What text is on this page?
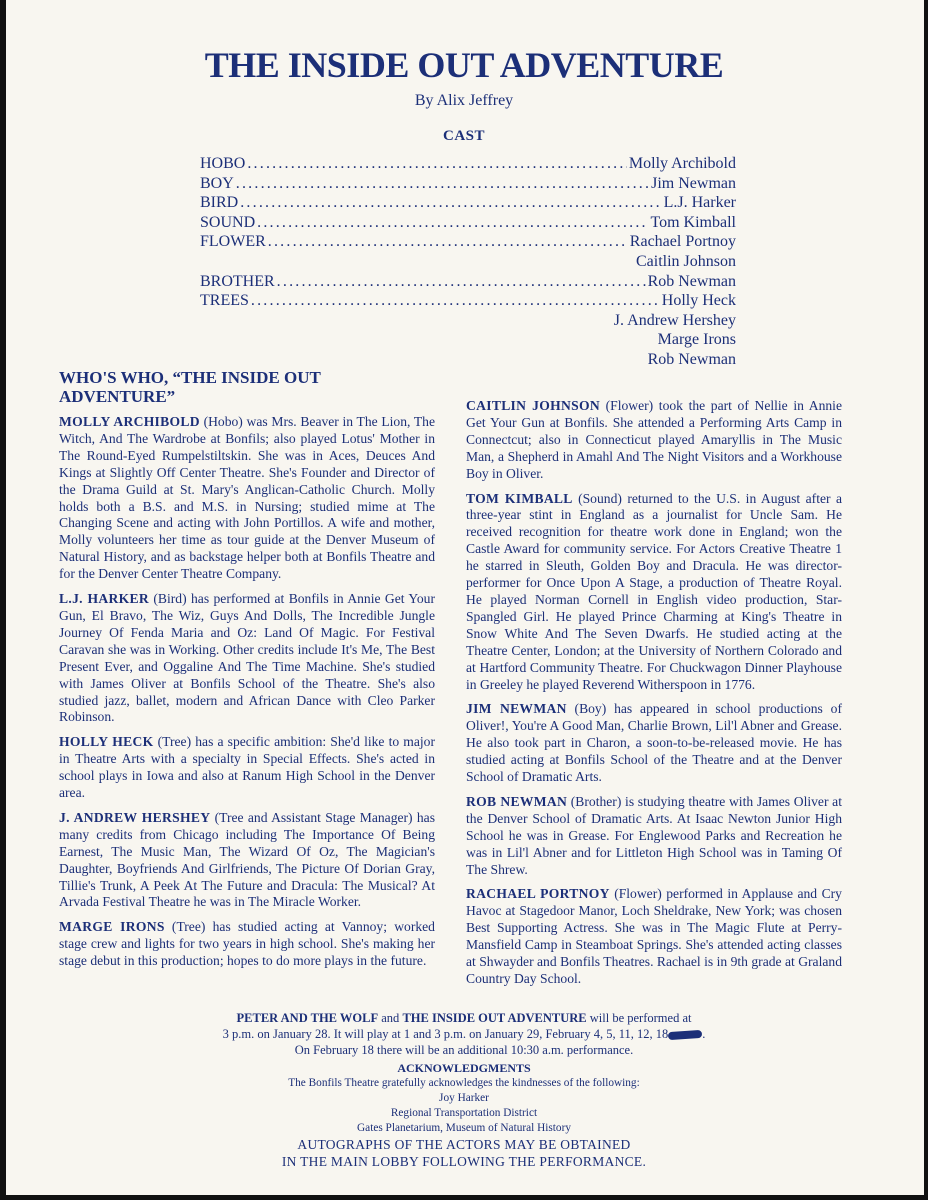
THE INSIDE OUT ADVENTURE
By Alix Jeffrey
CAST
HOBO .....	Molly Archibold
BOY .....	Jim Newman
BIRD .....	L.J. Harker
SOUND .....	Tom Kimball
FLOWER .....	Rachael Portnoy
Caitlin Johnson
BROTHER .....	Rob Newman
TREES .....	Holly Heck
J. Andrew Hershey
Marge Irons
Rob Newman
WHO'S WHO, “THE INSIDE OUT ADVENTURE”

MOLLY ARCHIBOLD (Hobo) was Mrs. Beaver in The Lion, The Witch, And The Wardrobe at Bonfils; also played Lotus' Mother in The Round-Eyed Rumpelstiltskin. She was in Aces, Deuces And Kings at Slightly Off Center Theatre. She's Founder and Director of the Drama Guild at St. Mary's Anglican-Catholic Church. Molly holds both a B.S. and M.S. in Nursing; studied mime at The Changing Scene and acting with John Portillos. A wife and mother, Molly volunteers her time as tour guide at the Denver Museum of Natural History, and as backstage helper both at Bonfils Theatre and for the Denver Center Theatre Company.

L.J. HARKER (Bird) has performed at Bonfils in Annie Get Your Gun, El Bravo, The Wiz, Guys And Dolls, The Incredible Jungle Journey Of Fenda Maria and Oz: Land Of Magic. For Festival Caravan she was in Working. Other credits include It's Me, The Best Present Ever, and Oggaline And The Time Machine. She's studied with James Oliver at Bonfils School of the Theatre. She's also studied jazz, ballet, modern and African Dance with Cleo Parker Robinson.

HOLLY HECK (Tree) has a specific ambition: She'd like to major in Theatre Arts with a specialty in Special Effects. She's acted in school plays in Iowa and also at Ranum High School in the Denver area.

J. ANDREW HERSHEY (Tree and Assistant Stage Manager) has many credits from Chicago including The Importance Of Being Earnest, The Music Man, The Wizard Of Oz, The Magician's Daughter, Boyfriends And Girlfriends, The Picture Of Dorian Gray, Tillie's Trunk, A Peek At The Future and Dracula: The Musical? At Arvada Festival Theatre he was in The Miracle Worker.

MARGE IRONS (Tree) has studied acting at Vannoy; worked stage crew and lights for two years in high school. She's making her stage debut in this production; hopes to do more plays in the future.

CAITLIN JOHNSON (Flower) took the part of Nellie in Annie Get Your Gun at Bonfils. She attended a Performing Arts Camp in Connectcut; also in Connecticut played Amaryllis in The Music Man, a Shepherd in Amahl And The Night Visitors and a Workhouse Boy in Oliver.

TOM KIMBALL (Sound) returned to the U.S. in August after a three-year stint in England as a journalist for Uncle Sam. He received recognition for theatre work done in England; won the Castle Award for community service. For Actors Creative Theatre 1 he starred in Sleuth, Golden Boy and Dracula. He was director-performer for Once Upon A Stage, a production of Theatre Royal. He played Norman Cornell in English video production, Star-Spangled Girl. He played Prince Charming at King's Theatre in Snow White And The Seven Dwarfs. He studied acting at the Theatre Center, London; at the University of Northern Colorado and at Hartford Community Theatre. For Chuckwagon Dinner Playhouse in Greeley he played Reverend Witherspoon in 1776.

JIM NEWMAN (Boy) has appeared in school productions of Oliver!, You're A Good Man, Charlie Brown, Lil'l Abner and Grease. He also took part in Charon, a soon-to-be-released movie. He has studied acting at Bonfils School of the Theatre and at the Denver School of Dramatic Arts.

ROB NEWMAN (Brother) is studying theatre with James Oliver at the Denver School of Dramatic Arts. At Isaac Newton Junior High School he was in Grease. For Englewood Parks and Recreation he was in Lil'l Abner and for Littleton High School was in Taming Of The Shrew.

RACHAEL PORTNOY (Flower) performed in Applause and Cry Havoc at Stagedoor Manor, Loch Sheldrake, New York; was chosen Best Supporting Actress. She was in The Magic Flute at Perry-Mansfield Camp in Steamboat Springs. She's attended acting classes at Shwayder and Bonfils Theatres. Rachael is in 9th grade at Graland Country Day School.

PETER AND THE WOLF and THE INSIDE OUT ADVENTURE will be performed at
3 p.m. on January 28. It will play at 1 and 3 p.m. on January 29, February 4, 5, 11, 12, 18	.
On February 18 there will be an additional 10:30 a.m. performance.

ACKNOWLEDGMENTS
The Bonfils Theatre gratefully acknowledges the kindnesses of the following:
Joy Harker
Regional Transportation District
Gates Planetarium, Museum of Natural History
AUTOGRAPHS OF THE ACTORS MAY BE OBTAINED
IN THE MAIN LOBBY FOLLOWING THE PERFORMANCE.
